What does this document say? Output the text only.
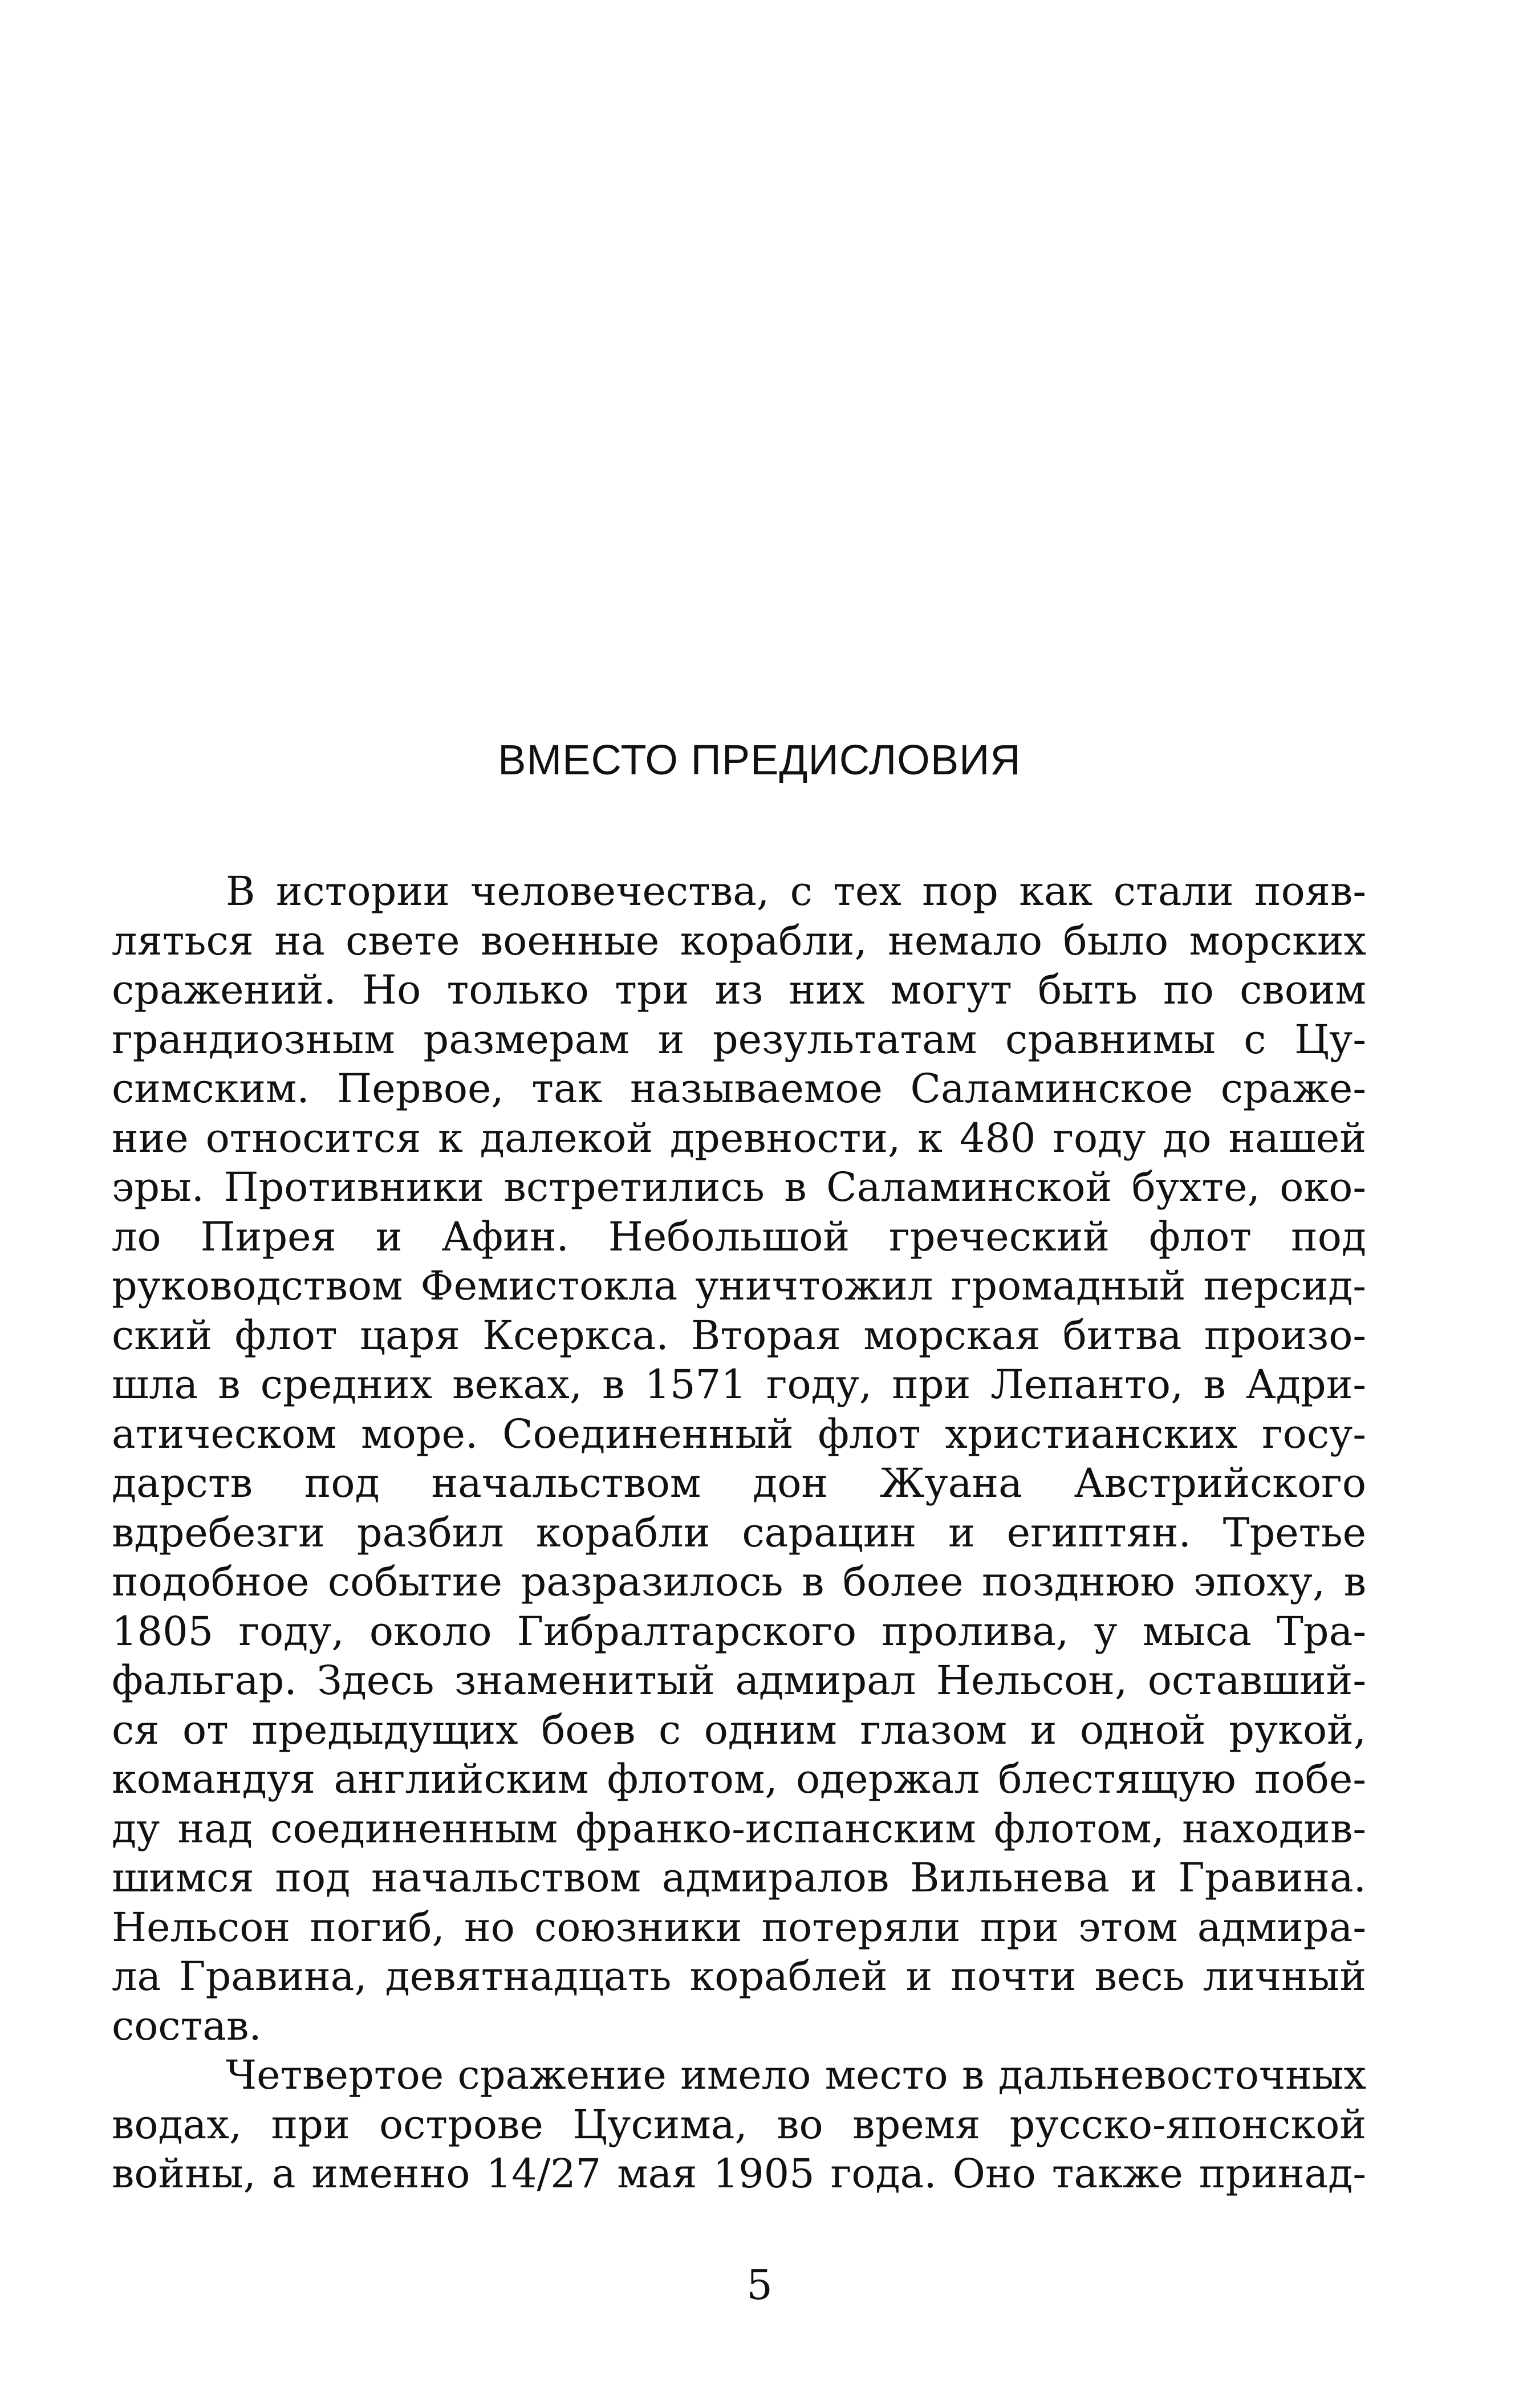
ВМЕСТО ПРЕДИСЛОВИЯ
В истории человечества, с тех пор как стали появ-
ляться на свете военные корабли, немало было морских
сражений. Но только три из них могут быть по своим
грандиозным размерам и результатам сравнимы с Цу-
симским. Первое, так называемое Саламинское сраже-
ние относится к далекой древности, к 480 году до нашей
эры. Противники встретились в Саламинской бухте, око-
ло Пирея и Афин. Небольшой греческий флот под
руководством Фемистокла уничтожил громадный персид-
ский флот царя Ксеркса. Вторая морская битва произо-
шла в средних веках, в 1571 году, при Лепанто, в Адри-
атическом море. Соединенный флот христианских госу-
дарств под начальством дон Жуана Австрийского
вдребезги разбил корабли сарацин и египтян. Третье
подобное событие разразилось в более позднюю эпоху, в
1805 году, около Гибралтарского пролива, у мыса Тра-
фальгар. Здесь знаменитый адмирал Нельсон, оставший-
ся от предыдущих боев с одним глазом и одной рукой,
командуя английским флотом, одержал блестящую побе-
ду над соединенным франко-испанским флотом, находив-
шимся под начальством адмиралов Вильнева и Гравина.
Нельсон погиб, но союзники потеряли при этом адмира-
ла Гравина, девятнадцать кораблей и почти весь личный
состав.
Четвертое сражение имело место в дальневосточных
водах, при острове Цусима, во время русско-японской
войны, а именно 14/27 мая 1905 года. Оно также принад-
5
